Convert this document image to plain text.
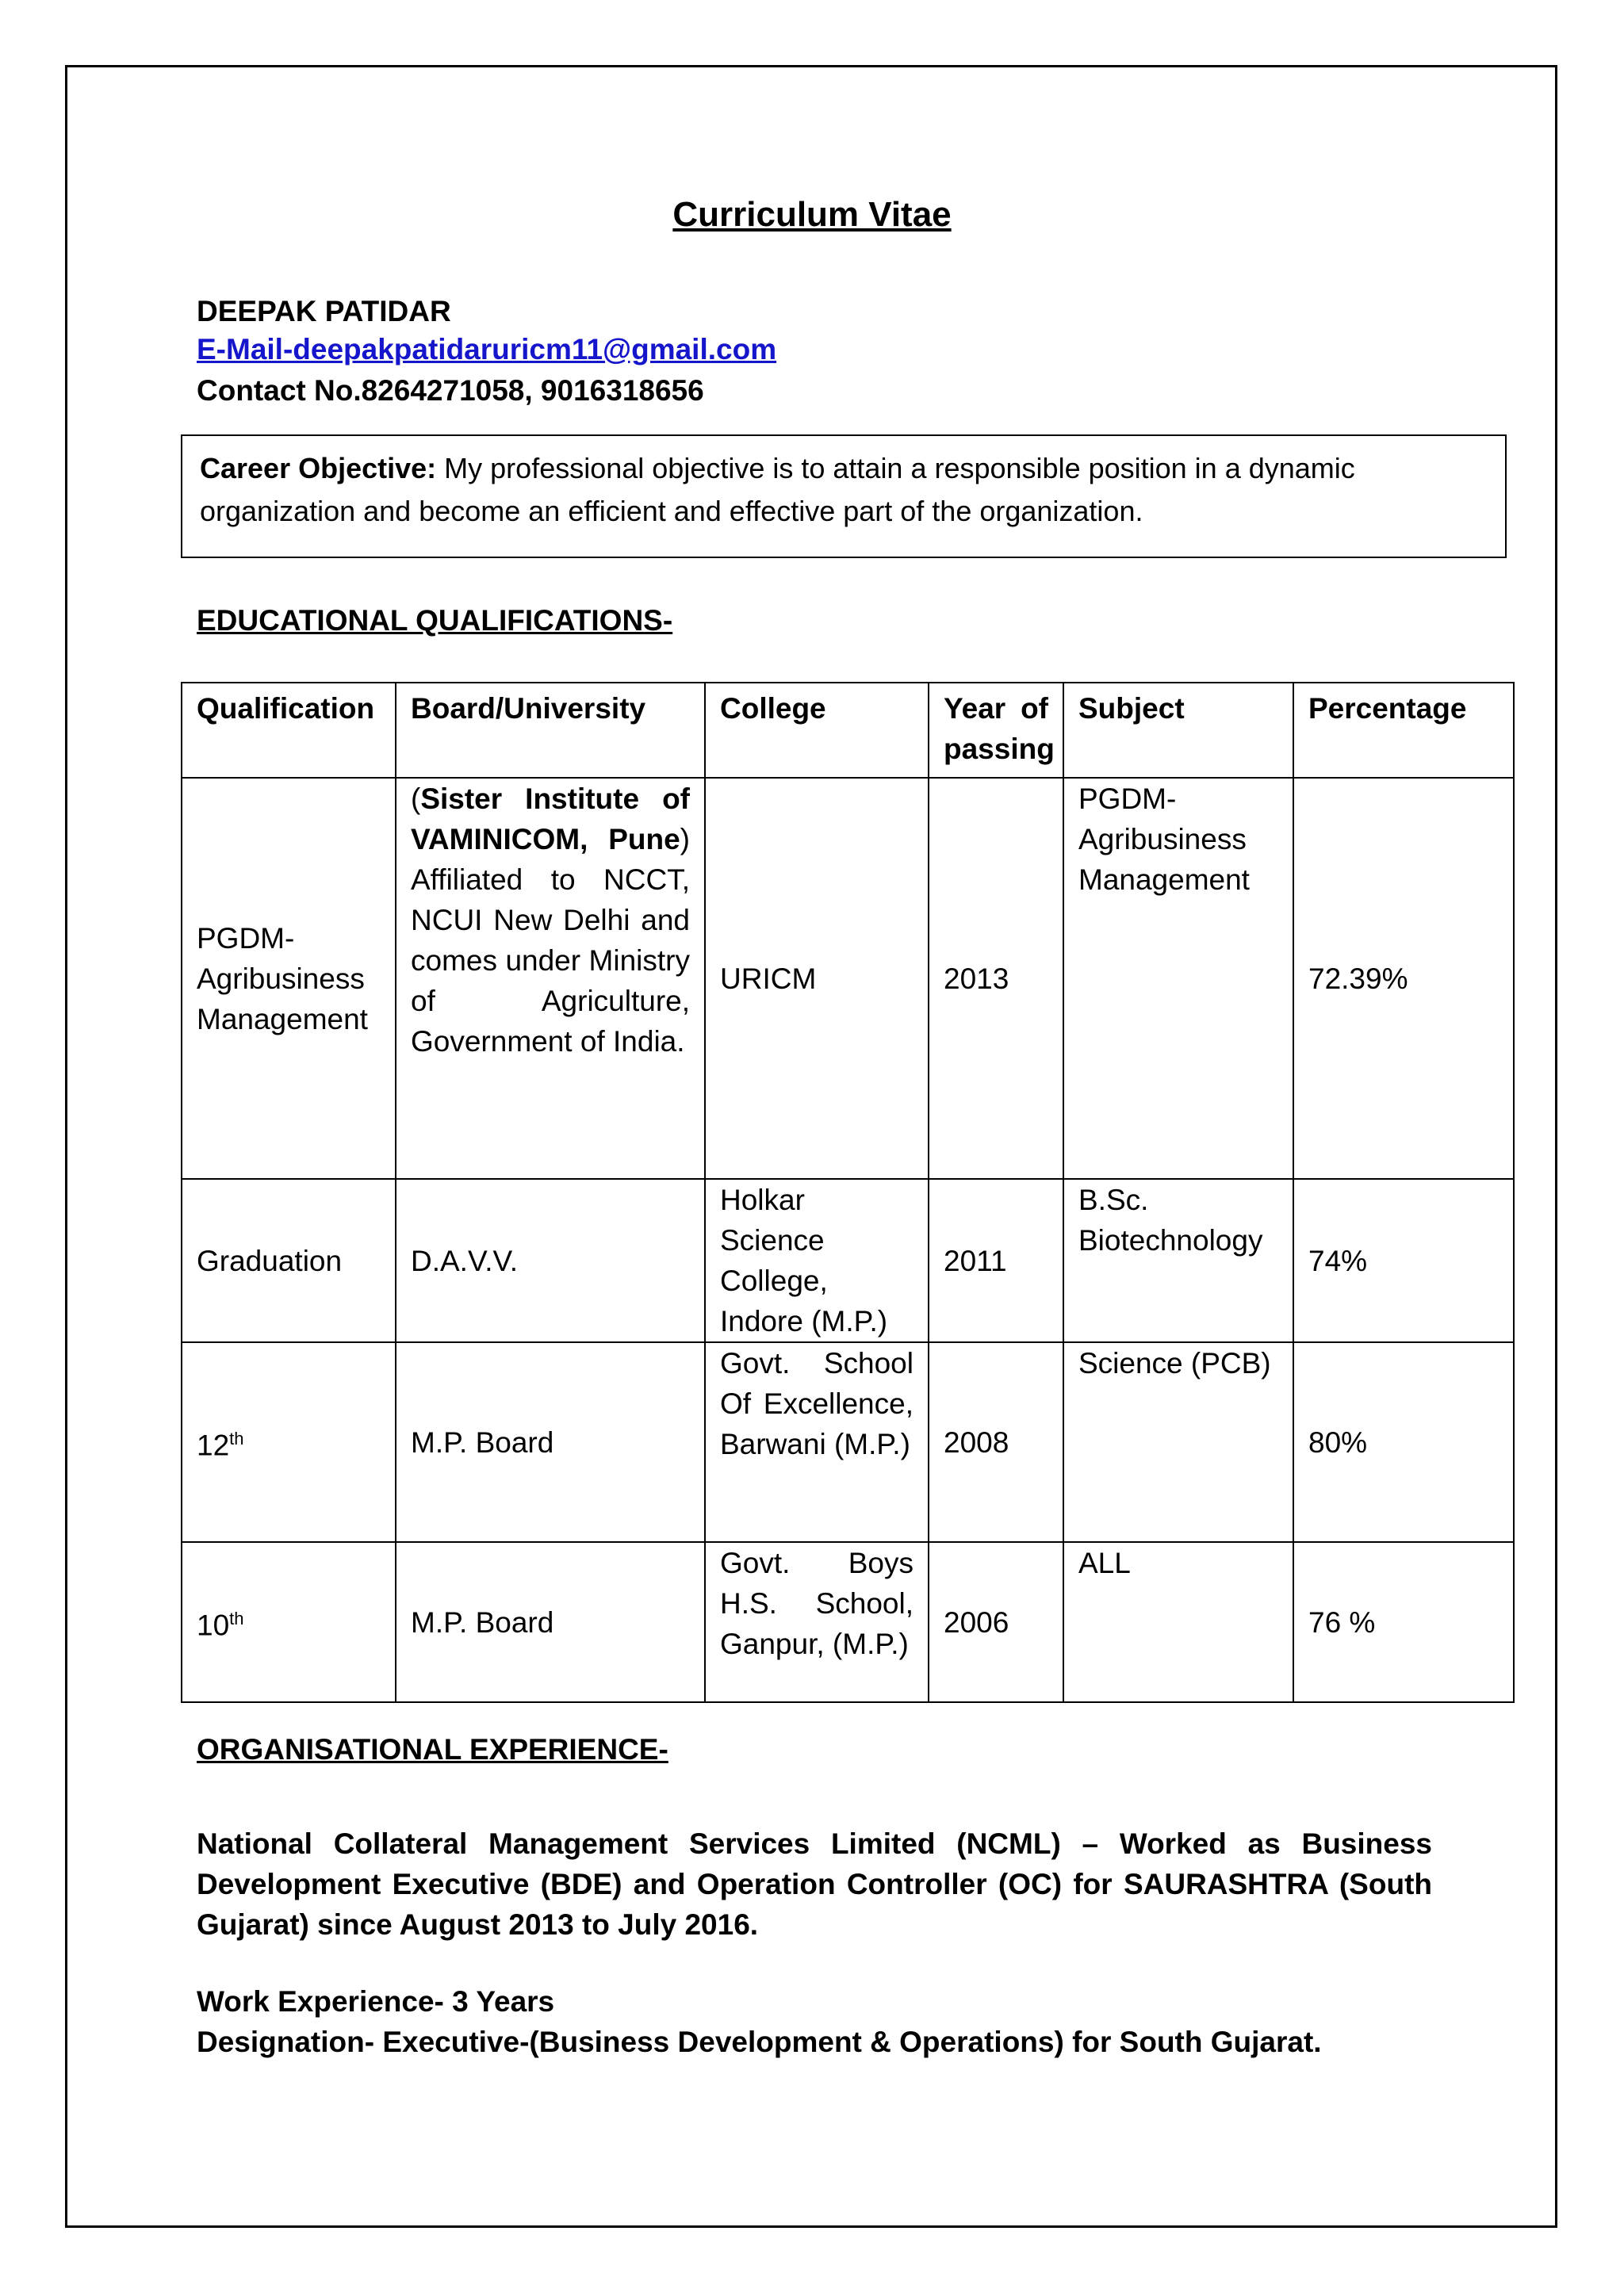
Curriculum Vitae
DEEPAK PATIDAR
E-Mail-deepakpatidaruricm11@gmail.com
Contact No.8264271058, 9016318656
Career Objective: My professional objective is to attain a responsible position in a dynamic organization and become an efficient and effective part of the organization.
EDUCATIONAL QUALIFICATIONS-
Qualification	Board/University	College	Year of passing	Subject	Percentage
PGDM-Agribusiness Management	(Sister Institute of VAMINICOM, Pune) Affiliated to NCCT, NCUI New Delhi and comes under Ministry of Agriculture, Government of India.	URICM	2013	PGDM-Agribusiness Management	72.39%
Graduation	D.A.V.V.	Holkar Science College, Indore (M.P.)	2011	B.Sc. Biotechnology	74%
12th	M.P. Board	Govt. School Of Excellence, Barwani (M.P.)	2008	Science (PCB)	80%
10th	M.P. Board	Govt. Boys H.S. School, Ganpur, (M.P.)	2006	ALL	76 %
ORGANISATIONAL EXPERIENCE-
National Collateral Management Services Limited (NCML) – Worked as Business Development Executive (BDE) and Operation Controller (OC) for SAURASHTRA (South Gujarat) since August 2013 to July 2016.
Work Experience- 3 Years
Designation- Executive-(Business Development & Operations) for South Gujarat.
